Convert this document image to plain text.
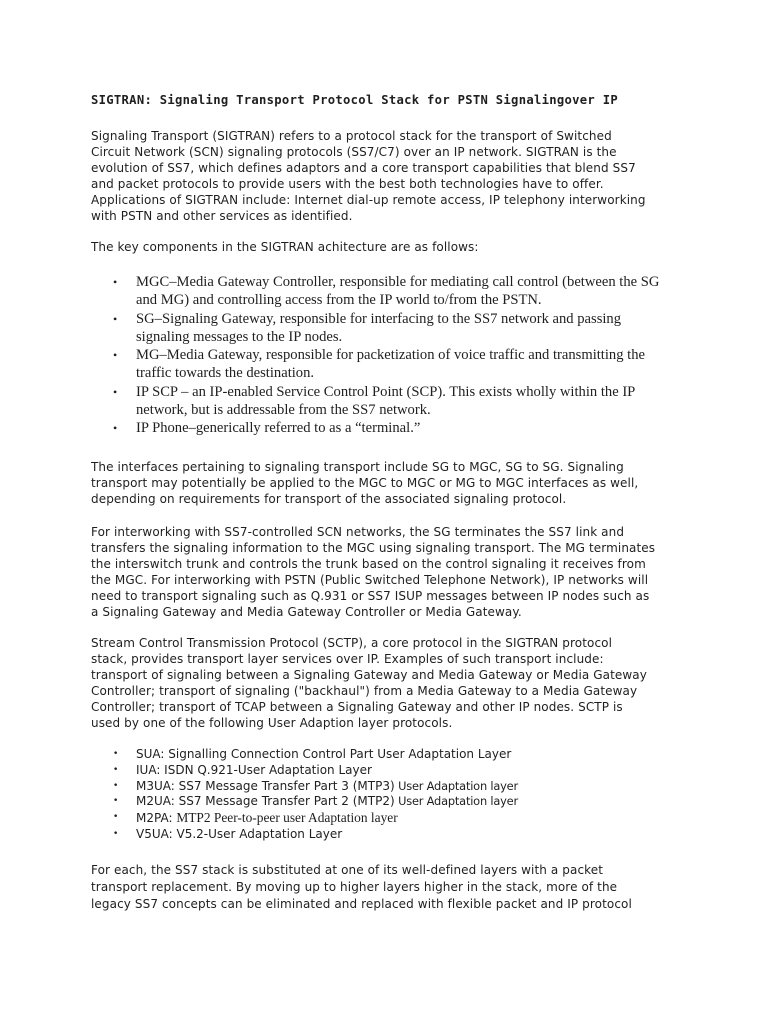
SIGTRAN: Signaling Transport Protocol Stack for PSTN Signalingover IP

Signaling Transport (SIGTRAN) refers to a protocol stack for the transport of Switched
Circuit Network (SCN) signaling protocols (SS7/C7) over an IP network. SIGTRAN is the
evolution of SS7, which defines adaptors and a core transport capabilities that blend SS7
and packet protocols to provide users with the best both technologies have to offer.
Applications of SIGTRAN include: Internet dial-up remote access, IP telephony interworking
with PSTN and other services as identified.

The key components in the SIGTRAN achitecture are as follows:

• MGC–Media Gateway Controller, responsible for mediating call control (between the SG
and MG) and controlling access from the IP world to/from the PSTN.
• SG–Signaling Gateway, responsible for interfacing to the SS7 network and passing
signaling messages to the IP nodes.
• MG–Media Gateway, responsible for packetization of voice traffic and transmitting the
traffic towards the destination.
• IP SCP – an IP-enabled Service Control Point (SCP). This exists wholly within the IP
network, but is addressable from the SS7 network.
• IP Phone–generically referred to as a “terminal.”

The interfaces pertaining to signaling transport include SG to MGC, SG to SG. Signaling
transport may potentially be applied to the MGC to MGC or MG to MGC interfaces as well,
depending on requirements for transport of the associated signaling protocol.

For interworking with SS7-controlled SCN networks, the SG terminates the SS7 link and
transfers the signaling information to the MGC using signaling transport. The MG terminates
the interswitch trunk and controls the trunk based on the control signaling it receives from
the MGC. For interworking with PSTN (Public Switched Telephone Network), IP networks will
need to transport signaling such as Q.931 or SS7 ISUP messages between IP nodes such as
a Signaling Gateway and Media Gateway Controller or Media Gateway.

Stream Control Transmission Protocol (SCTP), a core protocol in the SIGTRAN protocol
stack, provides transport layer services over IP. Examples of such transport include:
transport of signaling between a Signaling Gateway and Media Gateway or Media Gateway
Controller; transport of signaling ("backhaul") from a Media Gateway to a Media Gateway
Controller; transport of TCAP between a Signaling Gateway and other IP nodes. SCTP is
used by one of the following User Adaption layer protocols.

• SUA: Signalling Connection Control Part User Adaptation Layer
• IUA: ISDN Q.921-User Adaptation Layer
• M3UA: SS7 Message Transfer Part 3 (MTP3) User Adaptation layer
• M2UA: SS7 Message Transfer Part 2 (MTP2) User Adaptation layer
• M2PA: MTP2 Peer-to-peer user Adaptation layer
• V5UA: V5.2-User Adaptation Layer

For each, the SS7 stack is substituted at one of its well-defined layers with a packet
transport replacement. By moving up to higher layers higher in the stack, more of the
legacy SS7 concepts can be eliminated and replaced with flexible packet and IP protocol
